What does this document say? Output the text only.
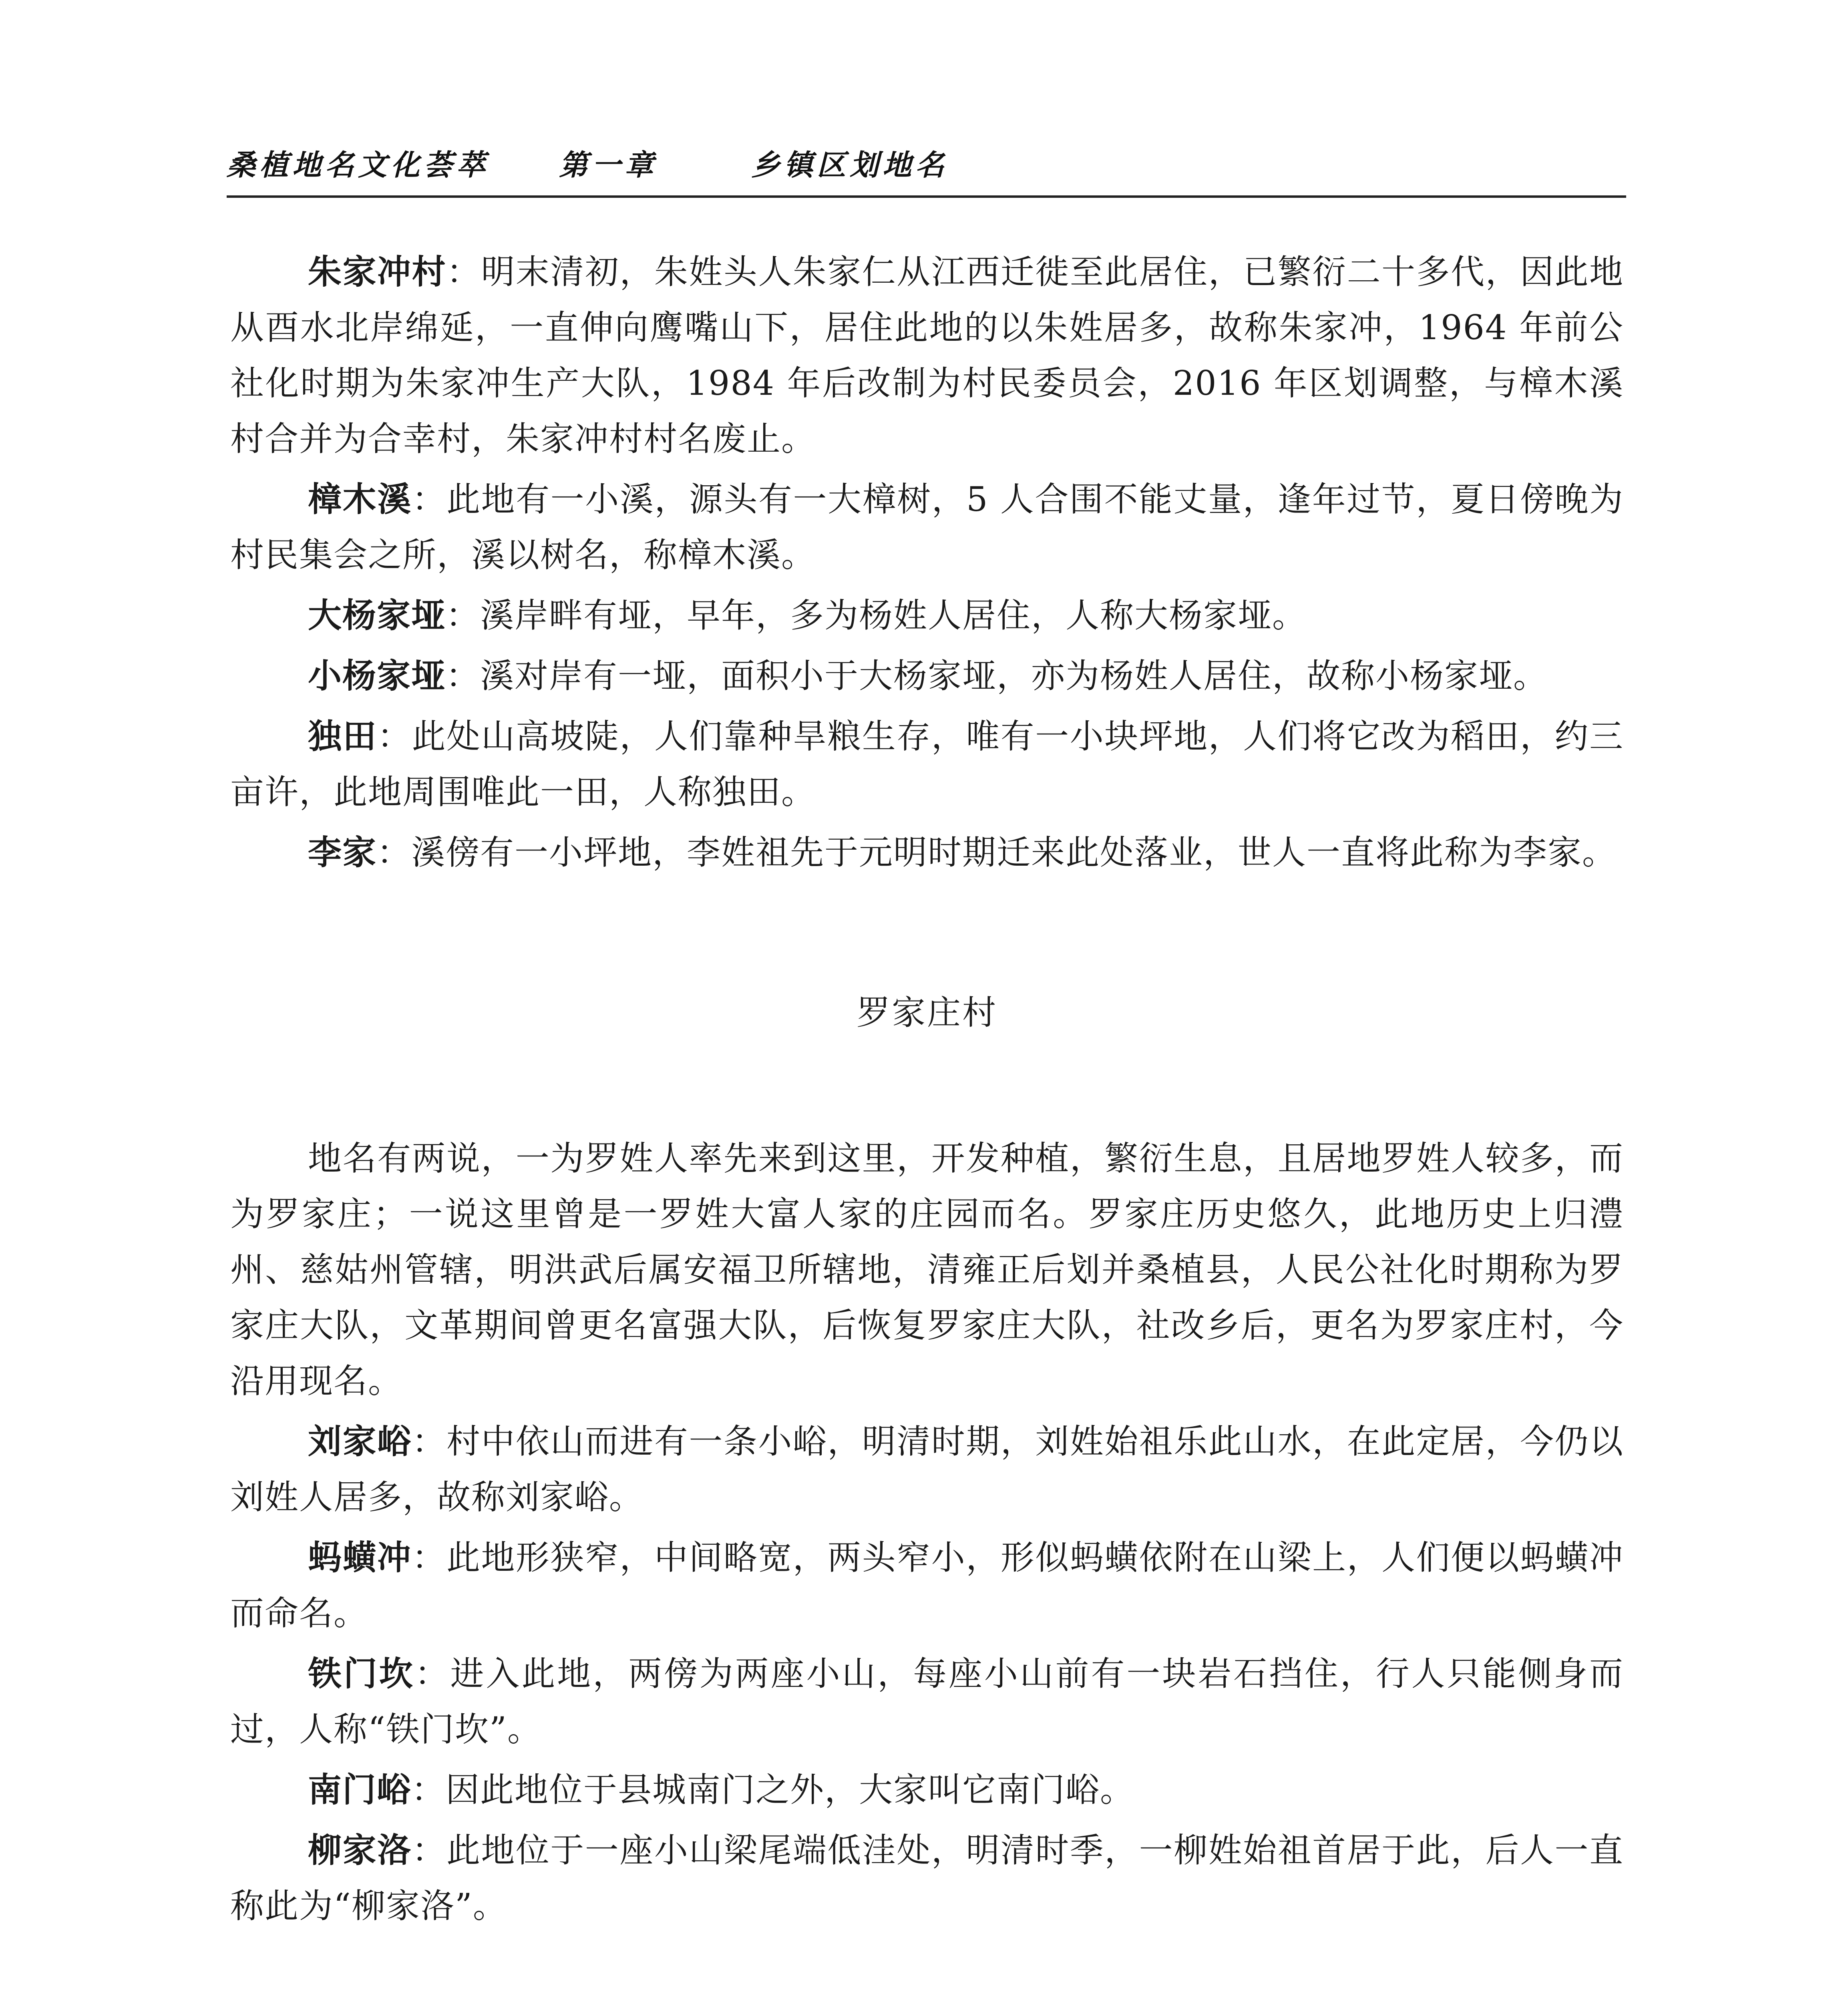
桑植地名文化荟萃 第一章	乡镇区划地名

朱家冲村：明末清初，朱姓头人朱家仁从江西迁徙至此居住，已繁衍二十多代，因此地从酉水北岸绵延，一直伸向鹰嘴山下，居住此地的以朱姓居多，故称朱家冲，1964 年前公社化时期为朱家冲生产大队，1984 年后改制为村民委员会，2016 年区划调整，与樟木溪村合并为合幸村，朱家冲村村名废止。

樟木溪：此地有一小溪，源头有一大樟树，5 人合围不能丈量，逢年过节，夏日傍晚为村民集会之所，溪以树名，称樟木溪。

大杨家垭：溪岸畔有垭，早年，多为杨姓人居住，人称大杨家垭。

小杨家垭：溪对岸有一垭，面积小于大杨家垭，亦为杨姓人居住，故称小杨家垭。

独田：此处山高坡陡，人们靠种旱粮生存，唯有一小块坪地，人们将它改为稻田，约三亩许，此地周围唯此一田，人称独田。

李家：溪傍有一小坪地，李姓祖先于元明时期迁来此处落业，世人一直将此称为李家。

罗家庄村

地名有两说，一为罗姓人率先来到这里，开发种植，繁衍生息，且居地罗姓人较多，而为罗家庄；一说这里曾是一罗姓大富人家的庄园而名。罗家庄历史悠久，此地历史上归澧州、慈姑州管辖，明洪武后属安福卫所辖地，清雍正后划并桑植县，人民公社化时期称为罗家庄大队，文革期间曾更名富强大队，后恢复罗家庄大队，社改乡后，更名为罗家庄村，今沿用现名。

刘家峪：村中依山而进有一条小峪，明清时期，刘姓始祖乐此山水，在此定居，今仍以刘姓人居多，故称刘家峪。

蚂蟥冲：此地形狭窄，中间略宽，两头窄小，形似蚂蟥依附在山梁上，人们便以蚂蟥冲而命名。

铁门坎：进入此地，两傍为两座小山，每座小山前有一块岩石挡住，行人只能侧身而过，人称“铁门坎”。

南门峪：因此地位于县城南门之外，大家叫它南门峪。

柳家洛：此地位于一座小山梁尾端低洼处，明清时季，一柳姓始祖首居于此，后人一直称此为“柳家洛”。
